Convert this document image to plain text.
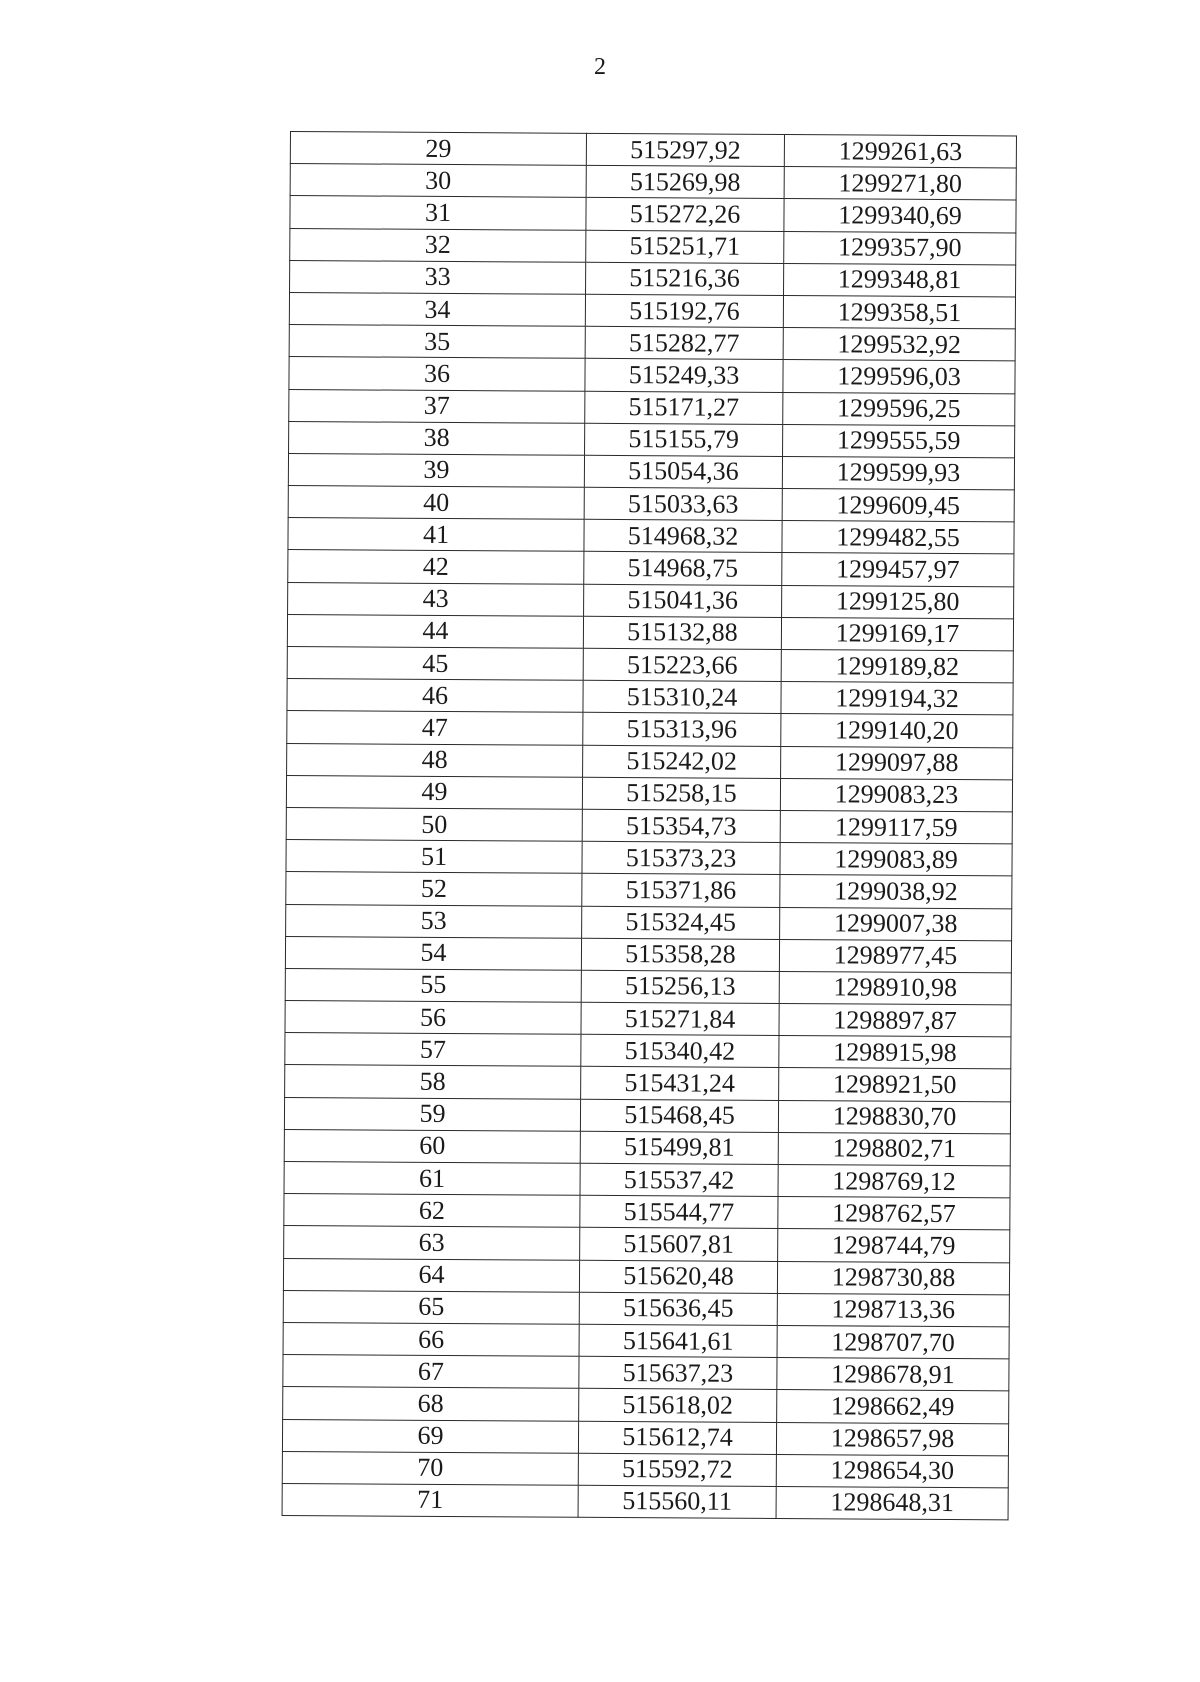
2
29	515297,92	1299261,63
30	515269,98	1299271,80
31	515272,26	1299340,69
32	515251,71	1299357,90
33	515216,36	1299348,81
34	515192,76	1299358,51
35	515282,77	1299532,92
36	515249,33	1299596,03
37	515171,27	1299596,25
38	515155,79	1299555,59
39	515054,36	1299599,93
40	515033,63	1299609,45
41	514968,32	1299482,55
42	514968,75	1299457,97
43	515041,36	1299125,80
44	515132,88	1299169,17
45	515223,66	1299189,82
46	515310,24	1299194,32
47	515313,96	1299140,20
48	515242,02	1299097,88
49	515258,15	1299083,23
50	515354,73	1299117,59
51	515373,23	1299083,89
52	515371,86	1299038,92
53	515324,45	1299007,38
54	515358,28	1298977,45
55	515256,13	1298910,98
56	515271,84	1298897,87
57	515340,42	1298915,98
58	515431,24	1298921,50
59	515468,45	1298830,70
60	515499,81	1298802,71
61	515537,42	1298769,12
62	515544,77	1298762,57
63	515607,81	1298744,79
64	515620,48	1298730,88
65	515636,45	1298713,36
66	515641,61	1298707,70
67	515637,23	1298678,91
68	515618,02	1298662,49
69	515612,74	1298657,98
70	515592,72	1298654,30
71	515560,11	1298648,31
